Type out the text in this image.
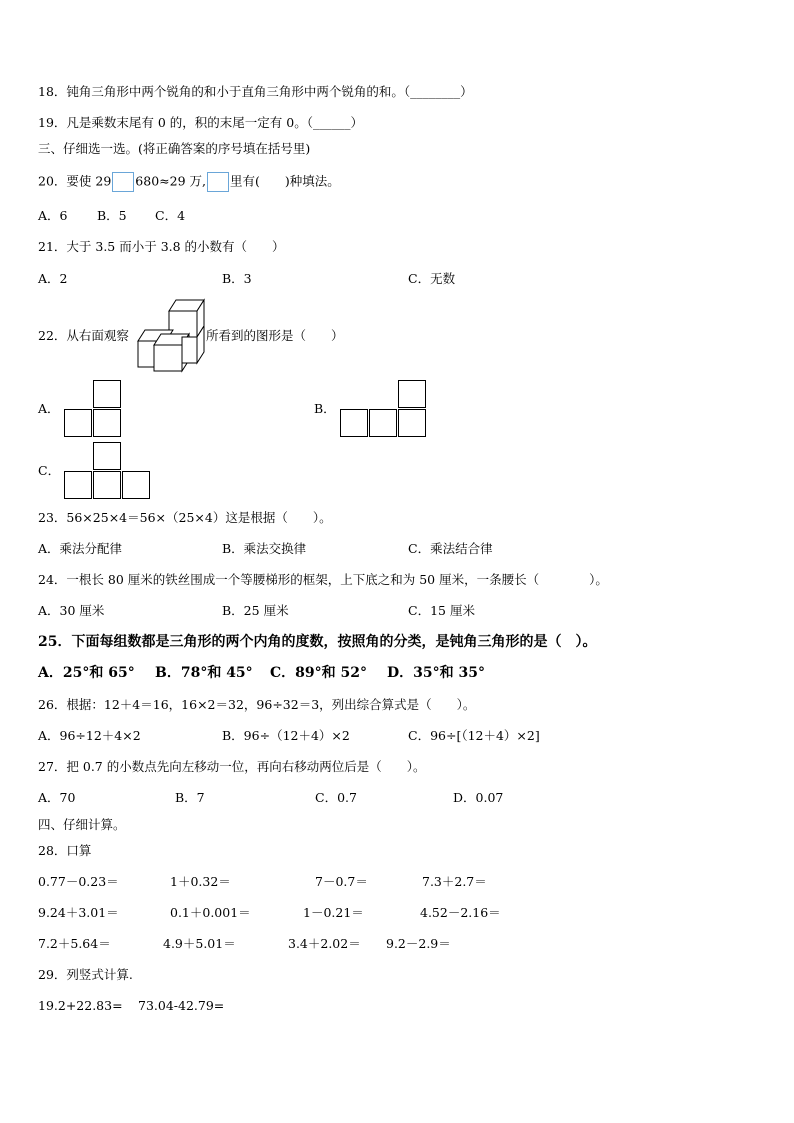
18．钝角三角形中两个锐角的和小于直角三角形中两个锐角的和。（________）
19．凡是乘数末尾有 0 的，积的末尾一定有 0。（______）
三、仔细选一选。(将正确答案的序号填在括号里)
20．要使 29 680≈29 万, 里有(　　)种填法。
A．6 B．5 C．4
21．大于 3.5 而小于 3.8 的小数有（　　）
A．2	B．3	C．无数
22．从右面观察	所看到的图形是（　　）
A．	B．
C．
23．56×25×4＝56×（25×4）这是根据（　　）。
A．乘法分配律	B．乘法交换律	C．乘法结合律
24．一根长 80 厘米的铁丝围成一个等腰梯形的框架，上下底之和为 50 厘米，一条腰长（　　　　）。
A．30 厘米	B．25 厘米	C．15 厘米
25．下面每组数都是三角形的两个内角的度数，按照角的分类，是钝角三角形的是（　）。
A．25°和 65° B．78°和 45° C．89°和 52° D．35°和 35°
26．根据：12＋4＝16，16×2＝32，96÷32＝3，列出综合算式是（　　）。
A．96÷12＋4×2	B．96÷（12＋4）×2	C．96÷[（12＋4）×2]
27．把 0.7 的小数点先向左移动一位，再向右移动两位后是（　　）。
A．70	B．7	C．0.7	D．0.07
四、仔细计算。
28．口算
0.77－0.23＝	1＋0.32＝	7－0.7＝	7.3＋2.7＝
9.24＋3.01＝	0.1＋0.001＝	1－0.21＝	4.52－2.16＝
7.2＋5.64＝	4.9＋5.01＝	3.4＋2.02＝ 9.2－2.9＝
29．列竖式计算.
19.2+22.83= 73.04-42.79=
